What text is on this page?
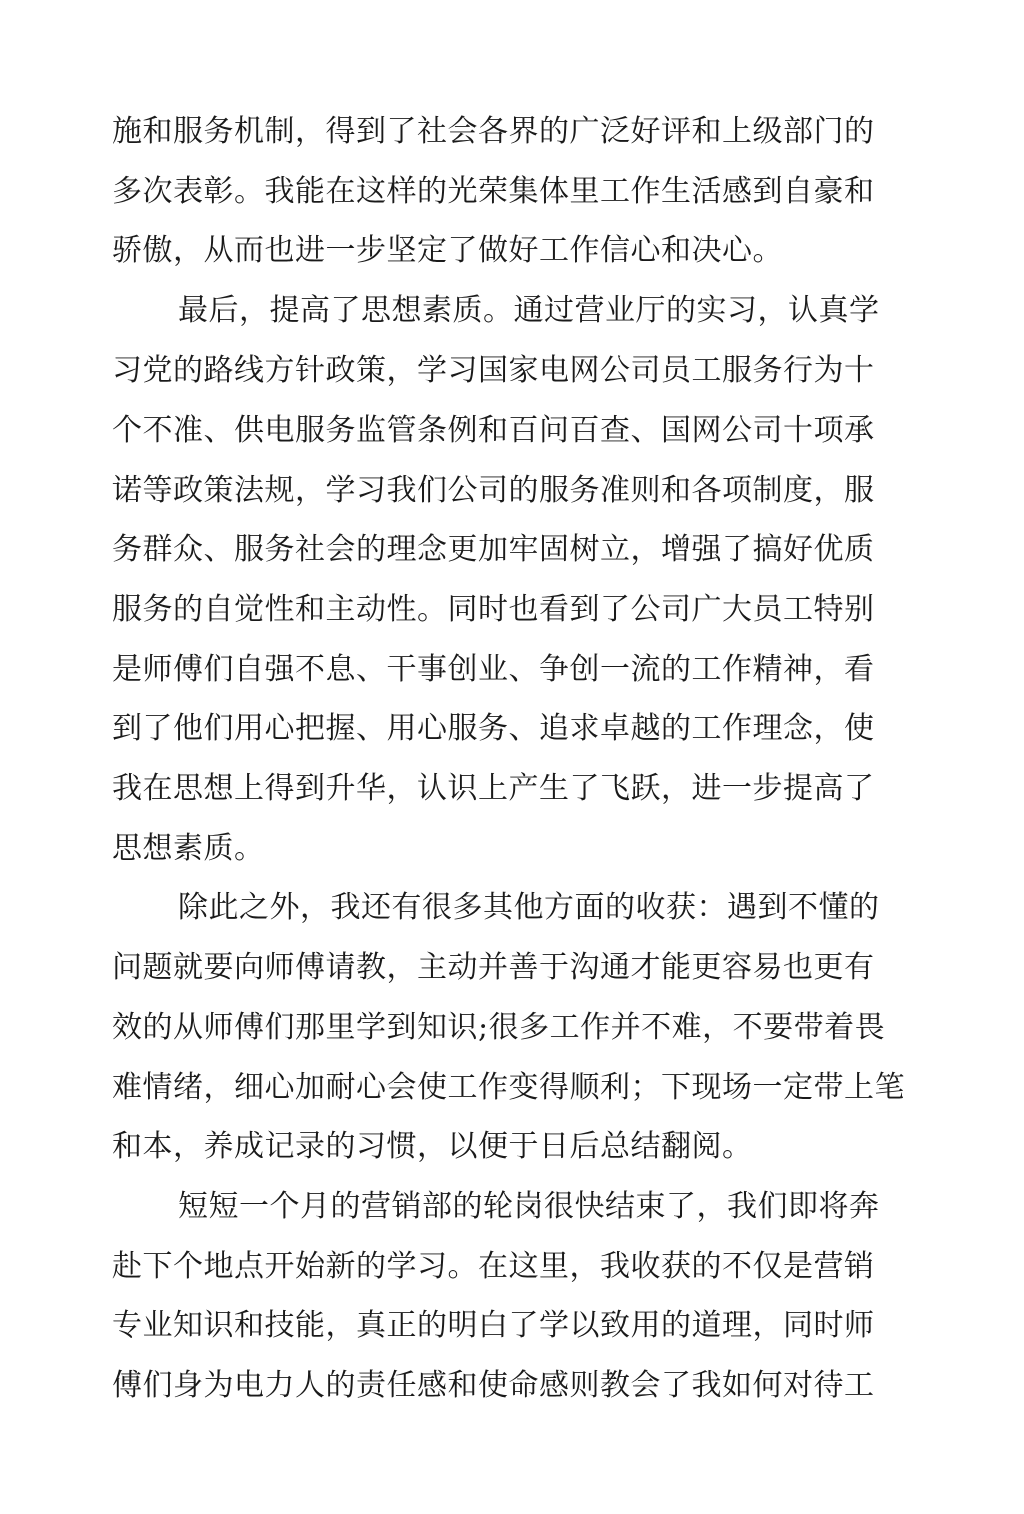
施和服务机制，得到了社会各界的广泛好评和上级部门的
多次表彰。我能在这样的光荣集体里工作生活感到自豪和
骄傲，从而也进一步坚定了做好工作信心和决心。
最后，提高了思想素质。通过营业厅的实习，认真学
习党的路线方针政策，学习国家电网公司员工服务行为十
个不准、供电服务监管条例和百问百查、国网公司十项承
诺等政策法规，学习我们公司的服务准则和各项制度，服
务群众、服务社会的理念更加牢固树立，增强了搞好优质
服务的自觉性和主动性。同时也看到了公司广大员工特别
是师傅们自强不息、干事创业、争创一流的工作精神，看
到了他们用心把握、用心服务、追求卓越的工作理念，使
我在思想上得到升华，认识上产生了飞跃，进一步提高了
思想素质。
除此之外，我还有很多其他方面的收获：遇到不懂的
问题就要向师傅请教，主动并善于沟通才能更容易也更有
效的从师傅们那里学到知识;很多工作并不难，不要带着畏
难情绪，细心加耐心会使工作变得顺利；下现场一定带上笔
和本，养成记录的习惯，以便于日后总结翻阅。
短短一个月的营销部的轮岗很快结束了，我们即将奔
赴下个地点开始新的学习。在这里，我收获的不仅是营销
专业知识和技能，真正的明白了学以致用的道理，同时师
傅们身为电力人的责任感和使命感则教会了我如何对待工
